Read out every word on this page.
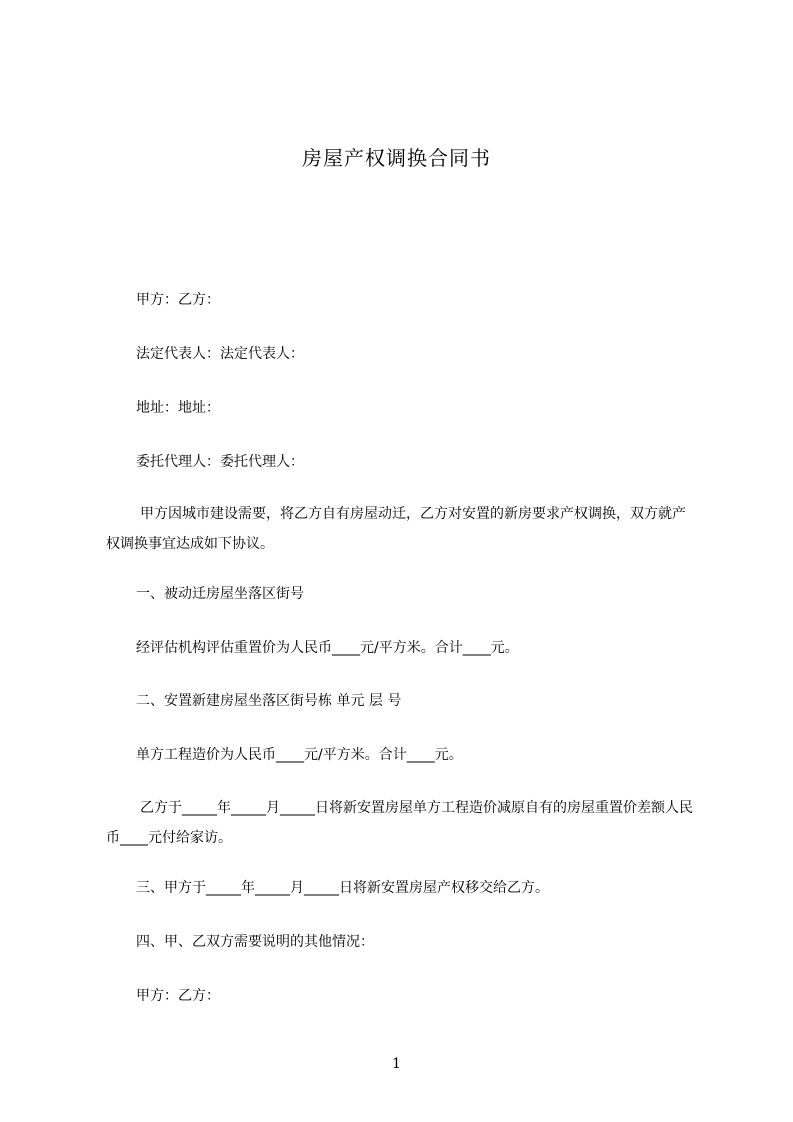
房屋产权调换合同书
甲方：乙方：
法定代表人：法定代表人：
地址：地址：
委托代理人：委托代理人：
甲方因城市建设需要，将乙方自有房屋动迁，乙方对安置的新房要求产权调换，双方就产权调换事宜达成如下协议。
一、被动迁房屋坐落区街号
经评估机构评估重置价为人民币____元/平方米。合计____元。
二、安置新建房屋坐落区街号栋 单元 层 号
单方工程造价为人民币____元/平方米。合计____元。
乙方于_____年_____月_____日将新安置房屋单方工程造价减原自有的房屋重置价差额人民币____元付给家访。
三、甲方于_____年_____月_____日将新安置房屋产权移交给乙方。
四、甲、乙双方需要说明的其他情况：
甲方：乙方：
1
